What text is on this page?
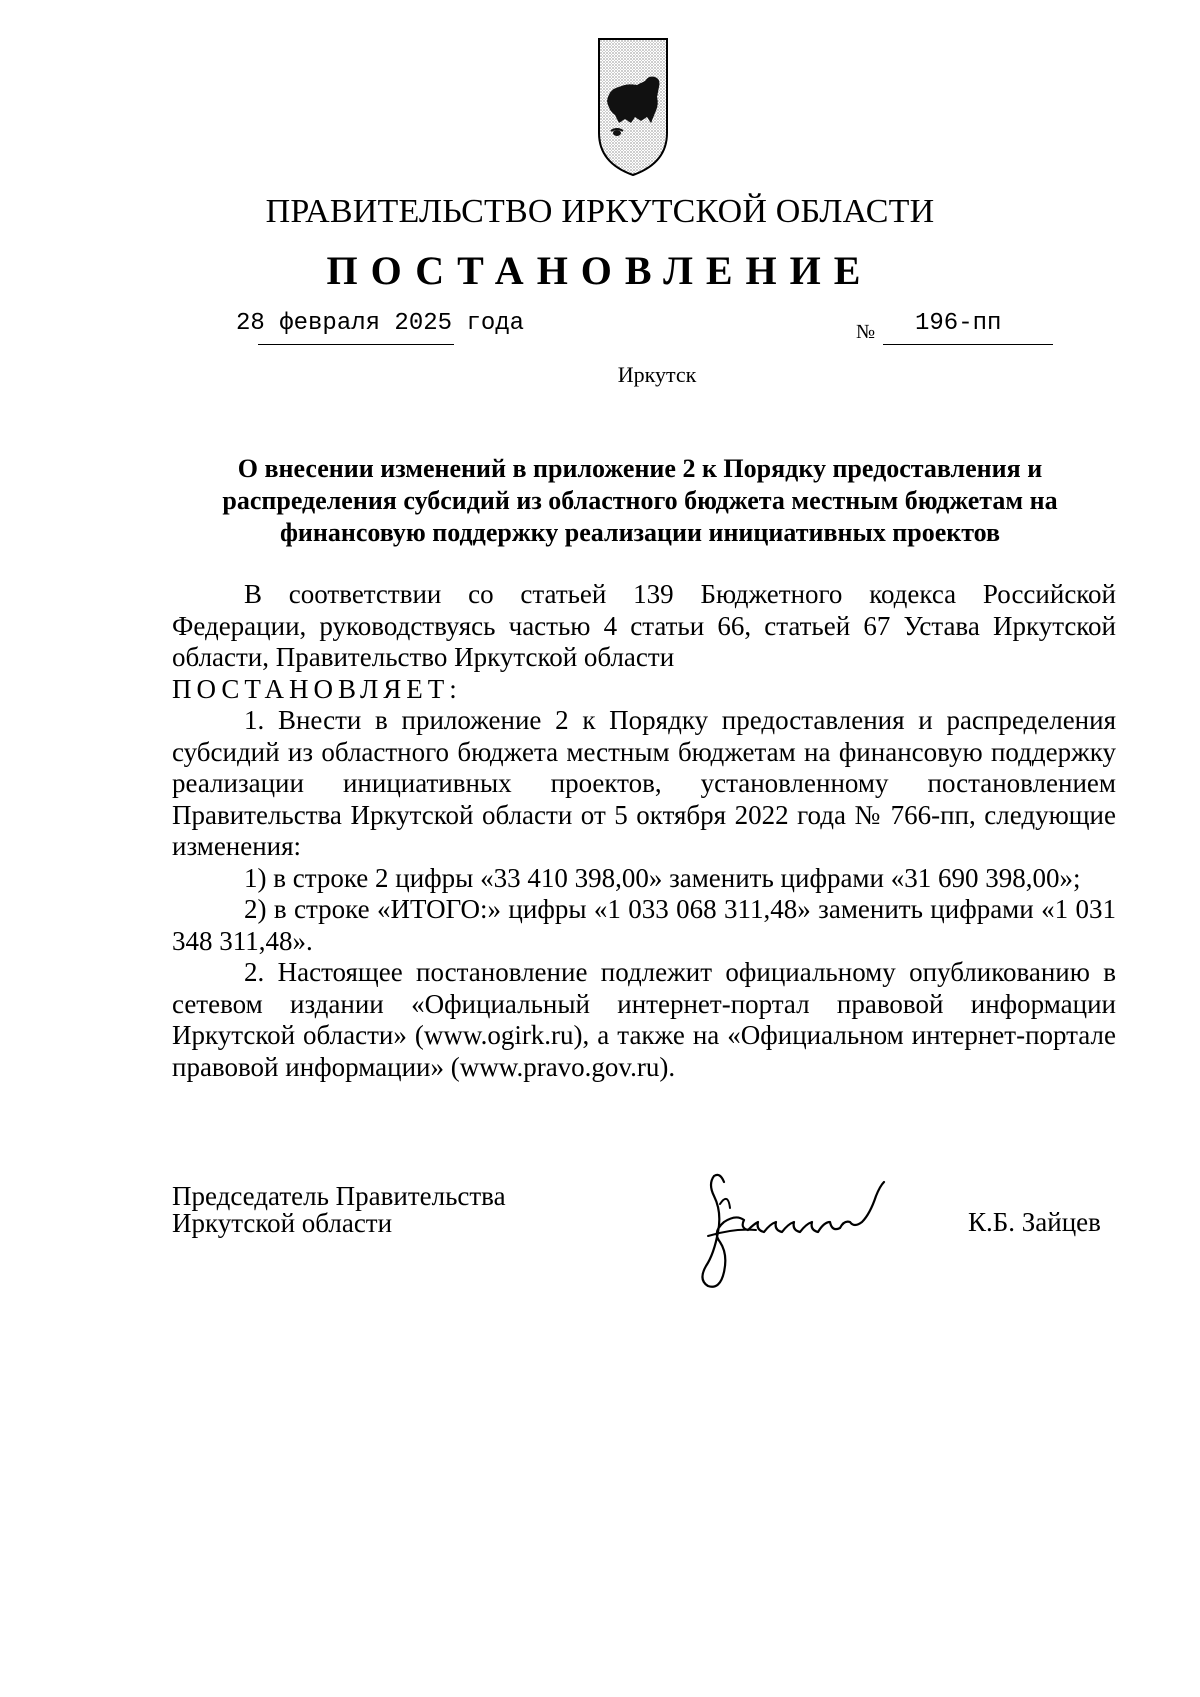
ПРАВИТЕЛЬСТВО ИРКУТСКОЙ ОБЛАСТИ
ПОСТАНОВЛЕНИЕ
28 февраля 2025 года	№ 196-пп
Иркутск
О внесении изменений в приложение 2 к Порядку предоставления и
распределения субсидий из областного бюджета местным бюджетам на
финансовую поддержку реализации инициативных проектов

В соответствии со статьей 139 Бюджетного кодекса Российской Федерации, руководствуясь частью 4 статьи 66, статьей 67 Устава Иркутской области, Правительство Иркутской области

ПОСТАНОВЛЯЕТ:

1. Внести в приложение 2 к Порядку предоставления и распределения субсидий из областного бюджета местным бюджетам на финансовую поддержку реализации инициативных проектов, установленному постановлением Правительства Иркутской области от 5 октября 2022 года № 766-пп, следующие изменения:

1) в строке 2 цифры «33 410 398,00» заменить цифрами «31 690 398,00»;

2) в строке «ИТОГО:» цифры «1 033 068 311,48» заменить цифрами «1 031 348 311,48».

2. Настоящее постановление подлежит официальному опубликованию в сетевом издании «Официальный интернет-портал правовой информации Иркутской области» (www.ogirk.ru), а также на «Официальном интернет-портале правовой информации» (www.pravo.gov.ru).

Председатель Правительства
Иркутской области	К.Б. Зайцев
